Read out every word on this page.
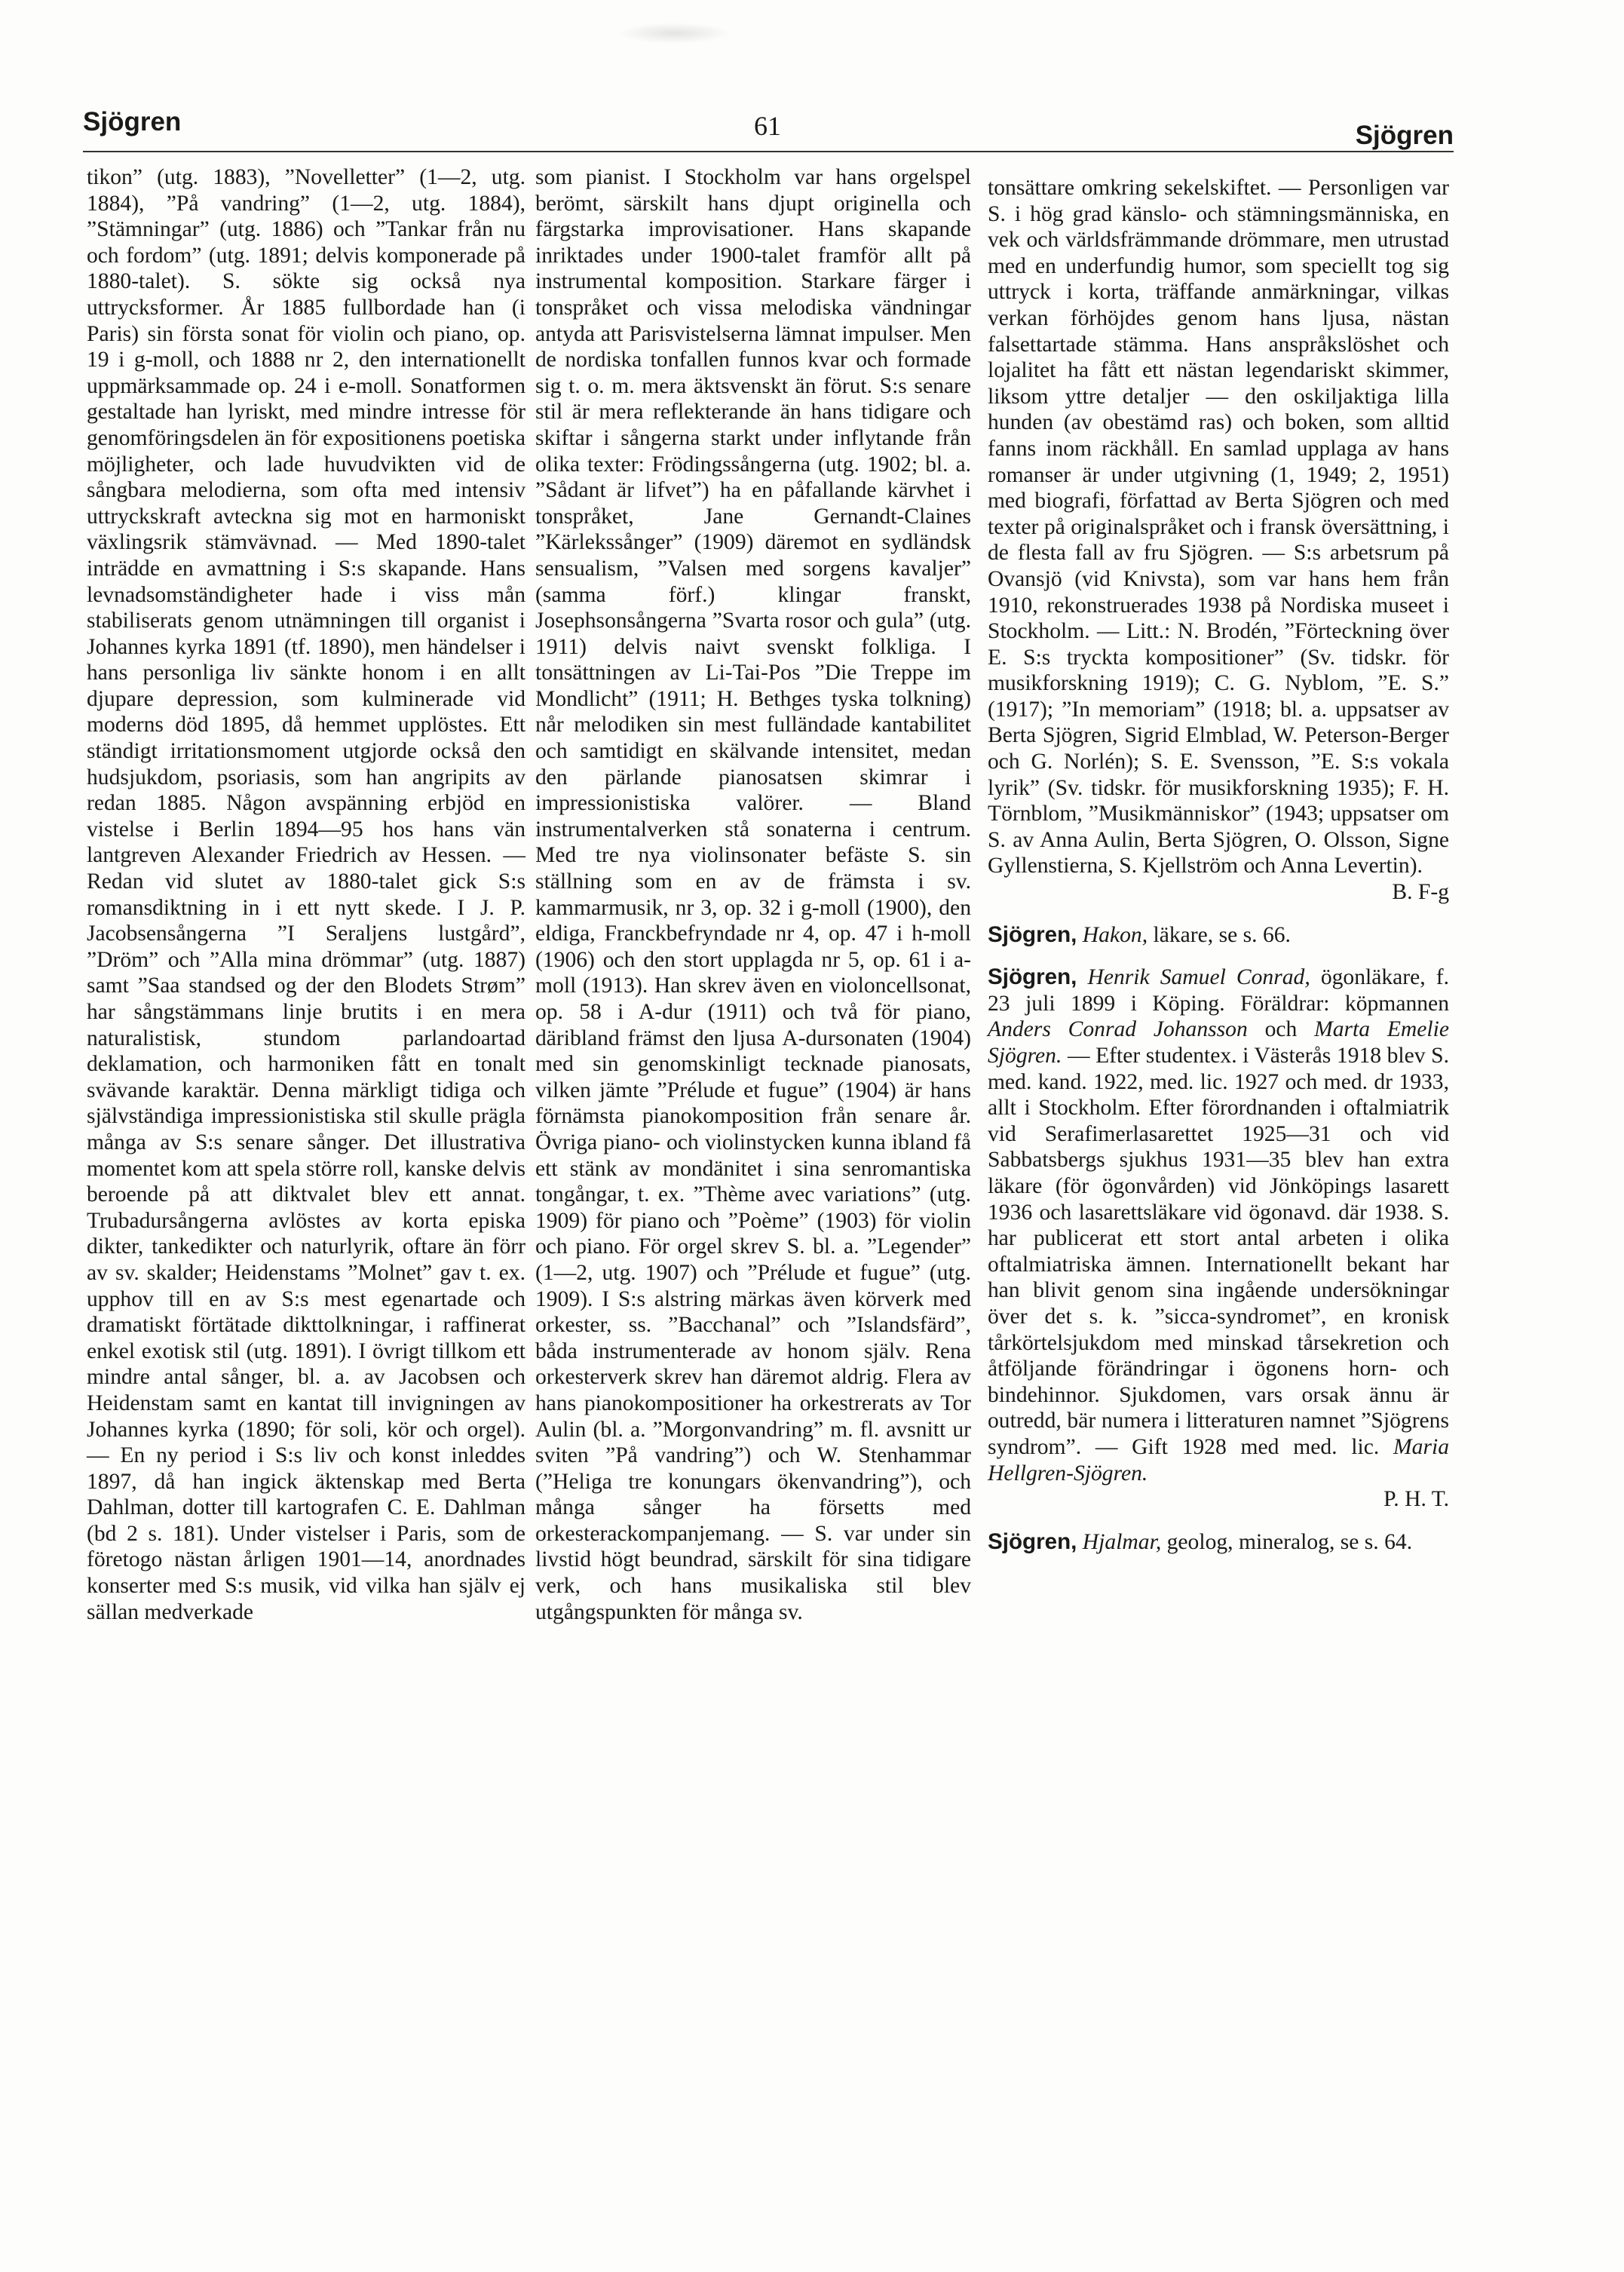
Sjögren	61	Sjögren

tikon” (utg. 1883), ”Novelletter” (1—2, utg. 1884), ”På vandring” (1—2, utg. 1884), ”Stämningar” (utg. 1886) och ”Tankar från nu och fordom” (utg. 1891; delvis komponerade på 1880-talet). S. sökte sig också nya uttrycksformer. År 1885 fullbordade han (i Paris) sin första sonat för violin och piano, op. 19 i g-moll, och 1888 nr 2, den internationellt uppmärksammade op. 24 i e-moll. Sonatformen gestaltade han lyriskt, med mindre intresse för genomföringsdelen än för expositionens poetiska möjligheter, och lade huvudvikten vid de sångbara melodierna, som ofta med intensiv uttryckskraft avteckna sig mot en harmoniskt växlingsrik stämvävnad. — Med 1890-talet inträdde en avmattning i S:s skapande. Hans levnadsomständigheter hade i viss mån stabiliserats genom utnämningen till organist i Johannes kyrka 1891 (tf. 1890), men händelser i hans personliga liv sänkte honom i en allt djupare depression, som kulminerade vid moderns död 1895, då hemmet upplöstes. Ett ständigt irritationsmoment utgjorde också den hudsjukdom, psoriasis, som han angripits av redan 1885. Någon avspänning erbjöd en vistelse i Berlin 1894—95 hos hans vän lantgreven Alexander Friedrich av Hessen. — Redan vid slutet av 1880-talet gick S:s romansdiktning in i ett nytt skede. I J. P. Jacobsensångerna ”I Seraljens lustgård”, ”Dröm” och ”Alla mina drömmar” (utg. 1887) samt ”Saa standsed og der den Blodets Strøm” har sångstämmans linje brutits i en mera naturalistisk, stundom parlandoartad deklamation, och harmoniken fått en tonalt svävande karaktär. Denna märkligt tidiga och självständiga impressionistiska stil skulle prägla många av S:s senare sånger. Det illustrativa momentet kom att spela större roll, kanske delvis beroende på att diktvalet blev ett annat. Trubadursångerna avlöstes av korta episka dikter, tankedikter och naturlyrik, oftare än förr av sv. skalder; Heidenstams ”Molnet” gav t. ex. upphov till en av S:s mest egenartade och dramatiskt förtätade dikttolkningar, i raffinerat enkel exotisk stil (utg. 1891). I övrigt tillkom ett mindre antal sånger, bl. a. av Jacobsen och Heidenstam samt en kantat till invigningen av Johannes kyrka (1890; för soli, kör och orgel). — En ny period i S:s liv och konst inleddes 1897, då han ingick äktenskap med Berta Dahlman, dotter till kartografen C. E. Dahlman (bd 2 s. 181). Under vistelser i Paris, som de företogo nästan årligen 1901—14, anordnades konserter med S:s musik, vid vilka han själv ej sällan medverkade

som pianist. I Stockholm var hans orgelspel berömt, särskilt hans djupt originella och färgstarka improvisationer. Hans skapande inriktades under 1900-talet framför allt på instrumental komposition. Starkare färger i tonspråket och vissa melodiska vändningar antyda att Parisvistelserna lämnat impulser. Men de nordiska tonfallen funnos kvar och formade sig t. o. m. mera äktsvenskt än förut. S:s senare stil är mera reflekterande än hans tidigare och skiftar i sångerna starkt under inflytande från olika texter: Frödingssångerna (utg. 1902; bl. a. ”Sådant är lifvet”) ha en påfallande kärvhet i tonspråket, Jane Gernandt-Claines ”Kärlekssånger” (1909) däremot en sydländsk sensualism, ”Valsen med sorgens kavaljer” (samma förf.) klingar franskt, Josephsonsångerna ”Svarta rosor och gula” (utg. 1911) delvis naivt svenskt folkliga. I tonsättningen av Li-Tai-Pos ”Die Treppe im Mondlicht” (1911; H. Bethges tyska tolkning) når melodiken sin mest fulländade kantabilitet och samtidigt en skälvande intensitet, medan den pärlande pianosatsen skimrar i impressionistiska valörer. — Bland instrumentalverken stå sonaterna i centrum. Med tre nya violinsonater befäste S. sin ställning som en av de främsta i sv. kammarmusik, nr 3, op. 32 i g-moll (1900), den eldiga, Franckbefryndade nr 4, op. 47 i h-moll (1906) och den stort upplagda nr 5, op. 61 i a-moll (1913). Han skrev även en violoncellsonat, op. 58 i A-dur (1911) och två för piano, däribland främst den ljusa A-dursonaten (1904) med sin genomskinligt tecknade pianosats, vilken jämte ”Prélude et fugue” (1904) är hans förnämsta pianokomposition från senare år. Övriga piano- och violinstycken kunna ibland få ett stänk av mondänitet i sina senromantiska tongångar, t. ex. ”Thème avec variations” (utg. 1909) för piano och ”Poème” (1903) för violin och piano. För orgel skrev S. bl. a. ”Legender” (1—2, utg. 1907) och ”Prélude et fugue” (utg. 1909). I S:s alstring märkas även körverk med orkester, ss. ”Bacchanal” och ”Islandsfärd”, båda instrumenterade av honom själv. Rena orkesterverk skrev han däremot aldrig. Flera av hans pianokompositioner ha orkestrerats av Tor Aulin (bl. a. ”Morgonvandring” m. fl. avsnitt ur sviten ”På vandring”) och W. Stenhammar (”Heliga tre konungars ökenvandring”), och många sånger ha försetts med orkesterackompanjemang. — S. var under sin livstid högt beundrad, särskilt för sina tidigare verk, och hans musikaliska stil blev utgångspunkten för många sv.

tonsättare omkring sekelskiftet. — Personligen var S. i hög grad känslo- och stämningsmänniska, en vek och världsfrämmande drömmare, men utrustad med en underfundig humor, som speciellt tog sig uttryck i korta, träffande anmärkningar, vilkas verkan förhöjdes genom hans ljusa, nästan falsettartade stämma. Hans anspråkslöshet och lojalitet ha fått ett nästan legendariskt skimmer, liksom yttre detaljer — den oskiljaktiga lilla hunden (av obestämd ras) och boken, som alltid fanns inom räckhåll. En samlad upplaga av hans romanser är under utgivning (1, 1949; 2, 1951) med biografi, författad av Berta Sjögren och med texter på originalspråket och i fransk översättning, i de flesta fall av fru Sjögren. — S:s arbetsrum på Ovansjö (vid Knivsta), som var hans hem från 1910, rekonstruerades 1938 på Nordiska museet i Stockholm. — Litt.: N. Brodén, ”Förteckning över E. S:s tryckta kompositioner” (Sv. tidskr. för musikforskning 1919); C. G. Nyblom, ”E. S.” (1917); ”In memoriam” (1918; bl. a. uppsatser av Berta Sjögren, Sigrid Elmblad, W. Peterson-Berger och G. Norlén); S. E. Svensson, ”E. S:s vokala lyrik” (Sv. tidskr. för musikforskning 1935); F. H. Törnblom, ”Musikmänniskor” (1943; uppsatser om S. av Anna Aulin, Berta Sjögren, O. Olsson, Signe Gyllenstierna, S. Kjellström och Anna Levertin).
B. F-g

Sjögren, Hakon, läkare, se s. 66.

Sjögren, Henrik Samuel Conrad, ögonläkare, f. 23 juli 1899 i Köping. Föräldrar: köpmannen Anders Conrad Johansson och Marta Emelie Sjögren. — Efter studentex. i Västerås 1918 blev S. med. kand. 1922, med. lic. 1927 och med. dr 1933, allt i Stockholm. Efter förordnanden i oftalmiatrik vid Serafimerlasarettet 1925—31 och vid Sabbatsbergs sjukhus 1931—35 blev han extra läkare (för ögonvården) vid Jönköpings lasarett 1936 och lasarettsläkare vid ögonavd. där 1938. S. har publicerat ett stort antal arbeten i olika oftalmiatriska ämnen. Internationellt bekant har han blivit genom sina ingående undersökningar över det s. k. ”sicca-syndromet”, en kronisk tårkörtelsjukdom med minskad tårsekretion och åtföljande förändringar i ögonens horn- och bindehinnor. Sjukdomen, vars orsak ännu är outredd, bär numera i litteraturen namnet ”Sjögrens syndrom”. — Gift 1928 med med. lic. Maria Hellgren-Sjögren.
P. H. T.

Sjögren, Hjalmar, geolog, mineralog, se s. 64.
